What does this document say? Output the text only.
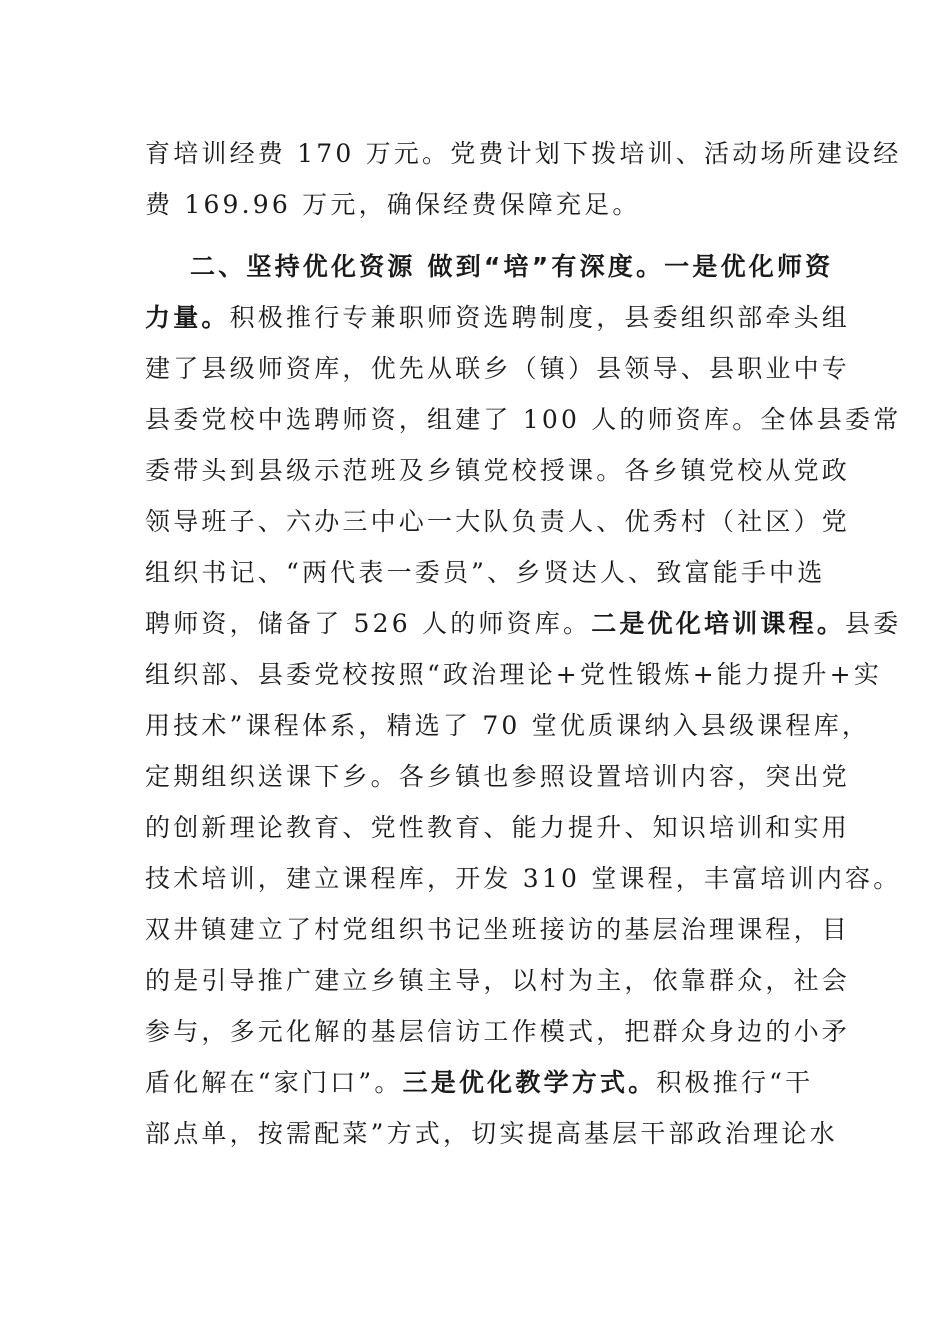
育培训经费 170 万元。党费计划下拨培训、活动场所建设经
费 169.96 万元，确保经费保障充足。
二、坚持优化资源 做到“培”有深度。一是优化师资
力量。积极推行专兼职师资选聘制度，县委组织部牵头组
建了县级师资库，优先从联乡（镇）县领导、县职业中专
县委党校中选聘师资，组建了 100 人的师资库。全体县委常
委带头到县级示范班及乡镇党校授课。各乡镇党校从党政
领导班子、六办三中心一大队负责人、优秀村（社区）党
组织书记、“两代表一委员”、乡贤达人、致富能手中选
聘师资，储备了 526 人的师资库。二是优化培训课程。县委
组织部、县委党校按照“政治理论+党性锻炼+能力提升+实
用技术”课程体系，精选了 70 堂优质课纳入县级课程库，
定期组织送课下乡。各乡镇也参照设置培训内容，突出党
的创新理论教育、党性教育、能力提升、知识培训和实用
技术培训，建立课程库，开发 310 堂课程，丰富培训内容。
双井镇建立了村党组织书记坐班接访的基层治理课程，目
的是引导推广建立乡镇主导，以村为主，依靠群众，社会
参与，多元化解的基层信访工作模式，把群众身边的小矛
盾化解在“家门口”。三是优化教学方式。积极推行“干
部点单，按需配菜”方式，切实提高基层干部政治理论水
